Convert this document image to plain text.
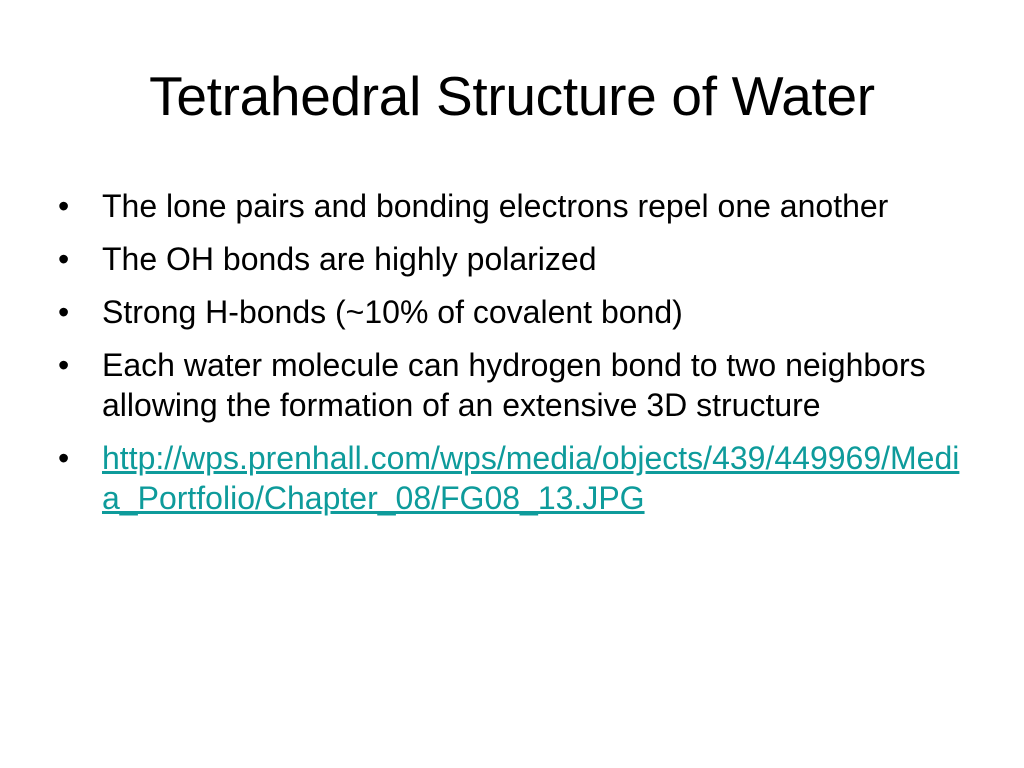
Tetrahedral Structure of Water
•	The lone pairs and bonding electrons repel one another
•	The OH bonds are highly polarized
•	Strong H-bonds (~10% of covalent bond)
•	Each water molecule can hydrogen bond to two neighbors allowing the formation of an extensive 3D structure
•	http://wps.prenhall.com/wps/media/objects/439/449969/Media_Portfolio/Chapter_08/FG08_13.JPG
